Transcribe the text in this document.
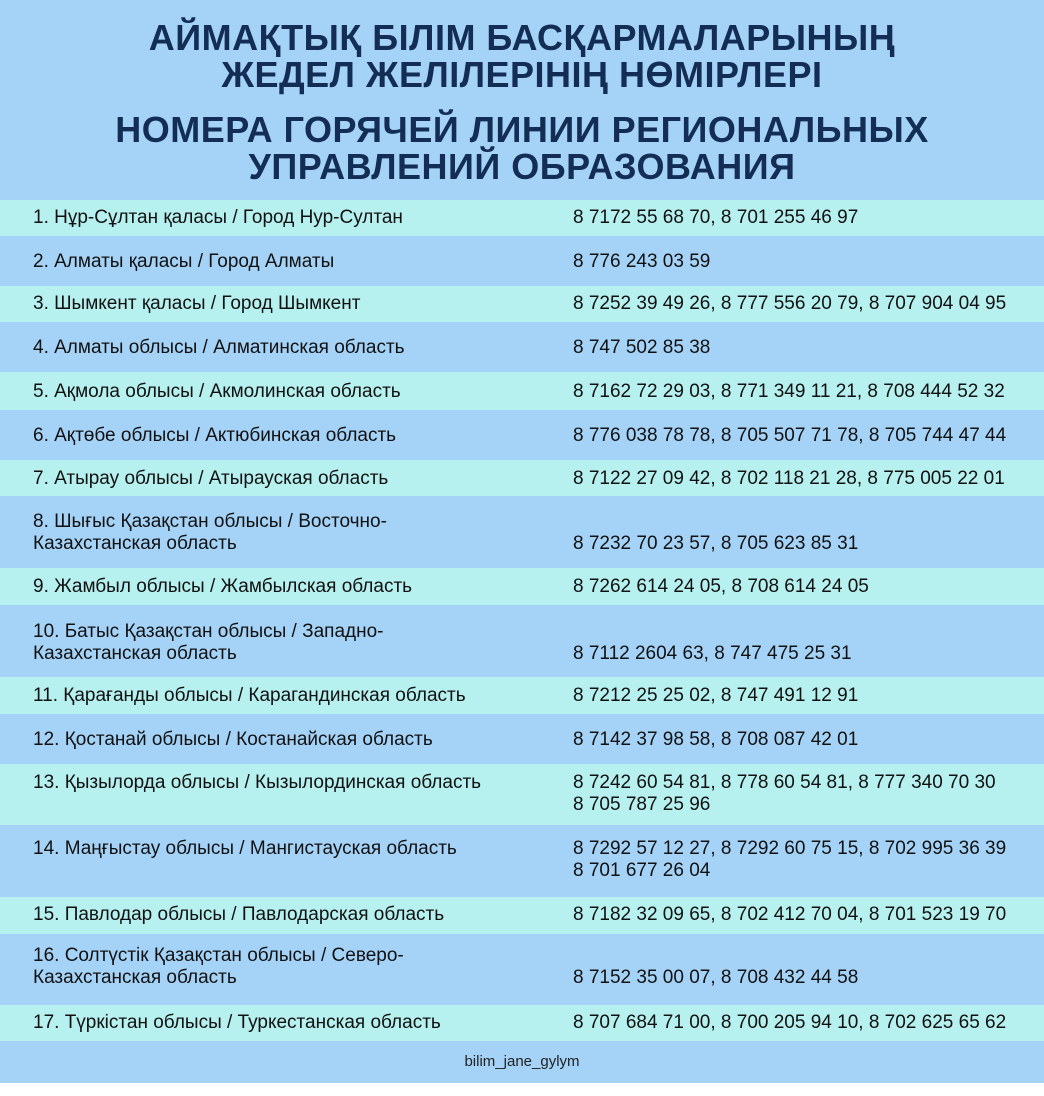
АЙМАҚТЫҚ БІЛІМ БАСҚАРМАЛАРЫНЫҢ
ЖЕДЕЛ ЖЕЛІЛЕРІНІҢ НӨМІРЛЕРІ
НОМЕРА ГОРЯЧЕЙ ЛИНИИ РЕГИОНАЛЬНЫХ
УПРАВЛЕНИЙ ОБРАЗОВАНИЯ
1. Нұр-Сұлтан қаласы / Город Нур-Султан	8 7172 55 68 70, 8 701 255 46 97
2. Алматы қаласы / Город Алматы	8 776 243 03 59
3. Шымкент қаласы / Город Шымкент	8 7252 39 49 26, 8 777 556 20 79, 8 707 904 04 95
4. Алматы облысы / Алматинская область	8 747 502 85 38
5. Ақмола облысы / Акмолинская область	8 7162 72 29 03, 8 771 349 11 21, 8 708 444 52 32
6. Ақтөбе облысы / Актюбинская область	8 776 038 78 78, 8 705 507 71 78, 8 705 744 47 44
7. Атырау облысы / Атырауская область	8 7122 27 09 42, 8 702 118 21 28, 8 775 005 22 01
8. Шығыс Қазақстан облысы / Восточно-
Казахстанская область	8 7232 70 23 57, 8 705 623 85 31
9. Жамбыл облысы / Жамбылская область	8 7262 614 24 05, 8 708 614 24 05
10. Батыс Қазақстан облысы / Западно-
Казахстанская область	8 7112 2604 63, 8 747 475 25 31
11. Қарағанды облысы / Карагандинская область	8 7212 25 25 02, 8 747 491 12 91
12. Қостанай облысы / Костанайская область	8 7142 37 98 58, 8 708 087 42 01
13. Қызылорда облысы / Кызылординская область	8 7242 60 54 81, 8 778 60 54 81, 8 777 340 70 30
8 705 787 25 96
14. Маңғыстау облысы / Мангистауская область	8 7292 57 12 27, 8 7292 60 75 15, 8 702 995 36 39
8 701 677 26 04
15. Павлодар облысы / Павлодарская область	8 7182 32 09 65, 8 702 412 70 04, 8 701 523 19 70
16. Солтүстік Қазақстан облысы / Северо-
Казахстанская область	8 7152 35 00 07, 8 708 432 44 58
17. Түркістан облысы / Туркестанская область	8 707 684 71 00, 8 700 205 94 10, 8 702 625 65 62
bilim_jane_gylym
